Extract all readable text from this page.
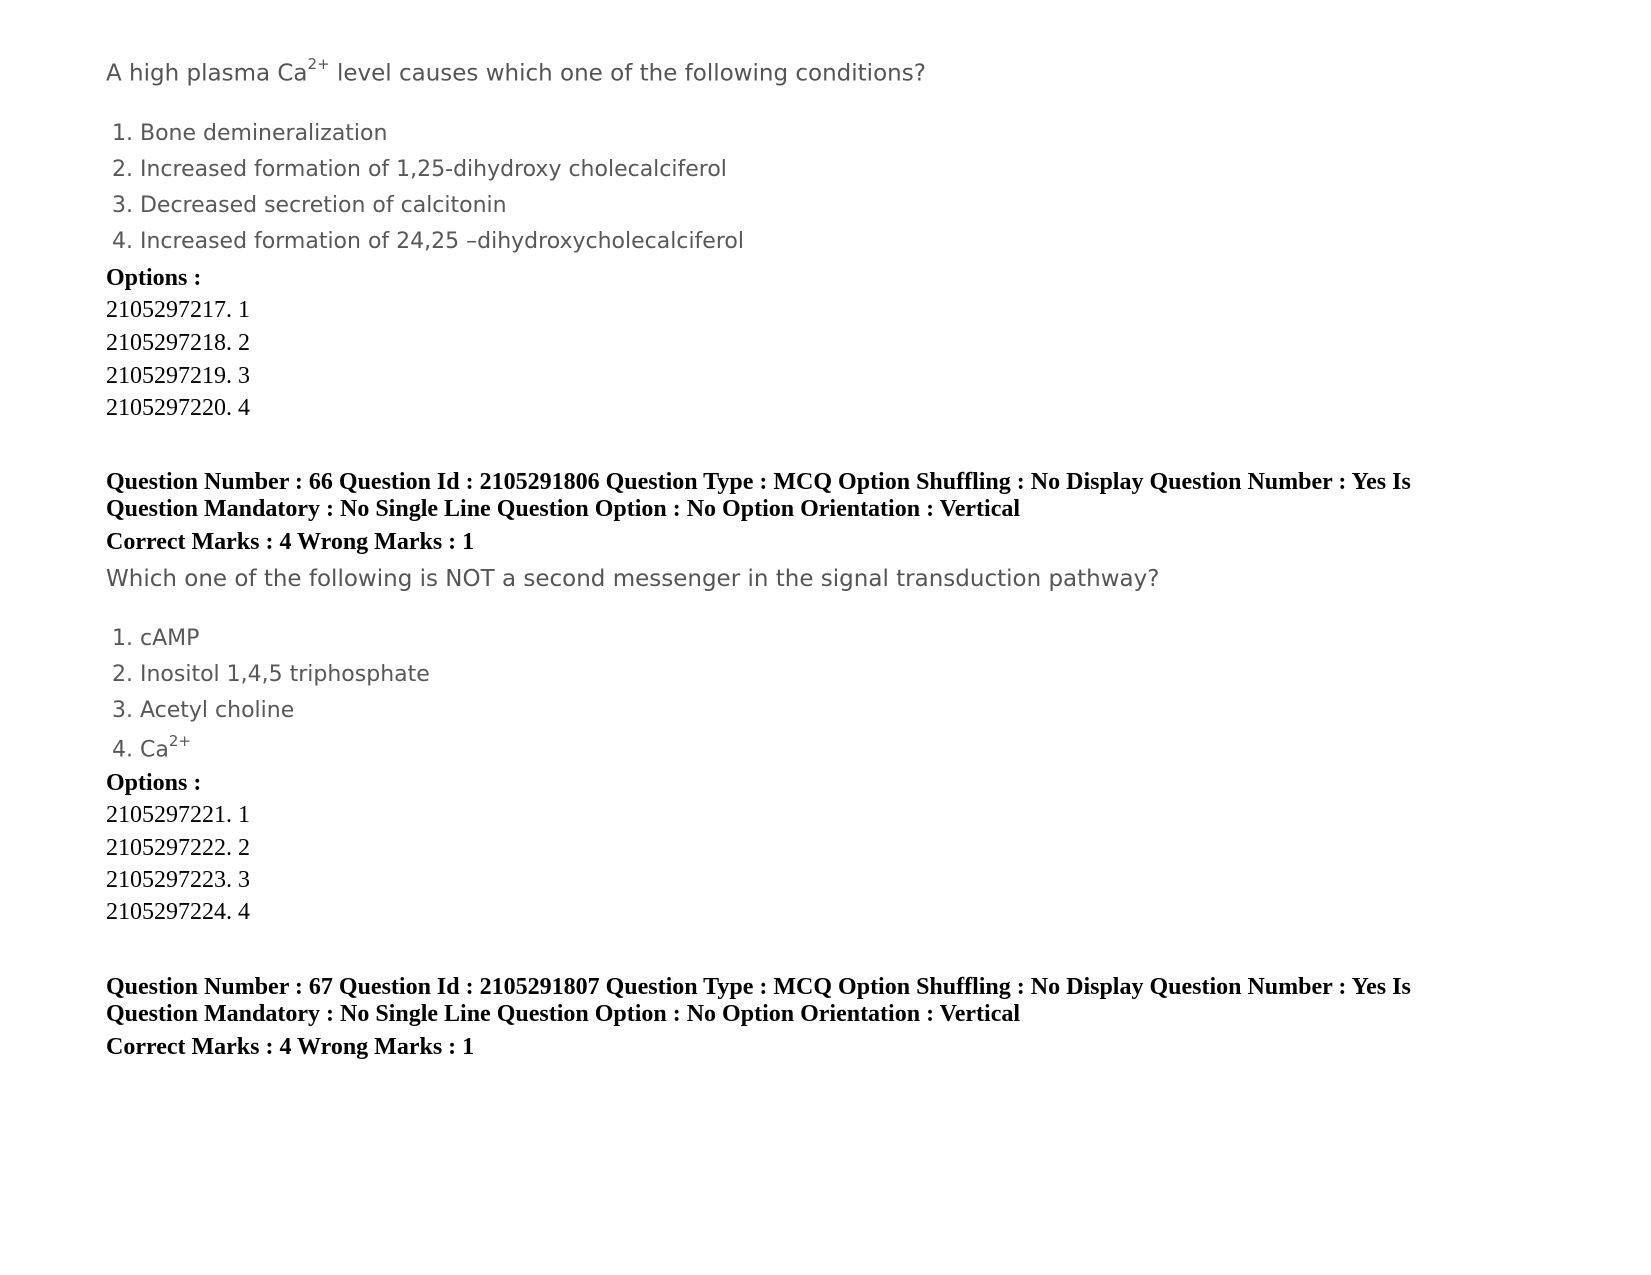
A high plasma $Ca^{2+}$ level causes which one of the following conditions?
1. Bone demineralization
2. Increased formation of 1,25-dihydroxy cholecalciferol
3. Decreased secretion of calcitonin
4. Increased formation of 24,25 –dihydroxycholecalciferol
Options :
2105297217. 1
2105297218. 2
2105297219. 3
2105297220. 4
Question Number : 66 Question Id : 2105291806 Question Type : MCQ Option Shuffling : No Display Question Number : Yes Is
Question Mandatory : No Single Line Question Option : No Option Orientation : Vertical
Correct Marks : 4 Wrong Marks : 1
Which one of the following is NOT a second messenger in the signal transduction pathway?
1. cAMP
2. Inositol 1,4,5 triphosphate
3. Acetyl choline
4. $Ca^{2+}$
Options :
2105297221. 1
2105297222. 2
2105297223. 3
2105297224. 4
Question Number : 67 Question Id : 2105291807 Question Type : MCQ Option Shuffling : No Display Question Number : Yes Is
Question Mandatory : No Single Line Question Option : No Option Orientation : Vertical
Correct Marks : 4 Wrong Marks : 1
